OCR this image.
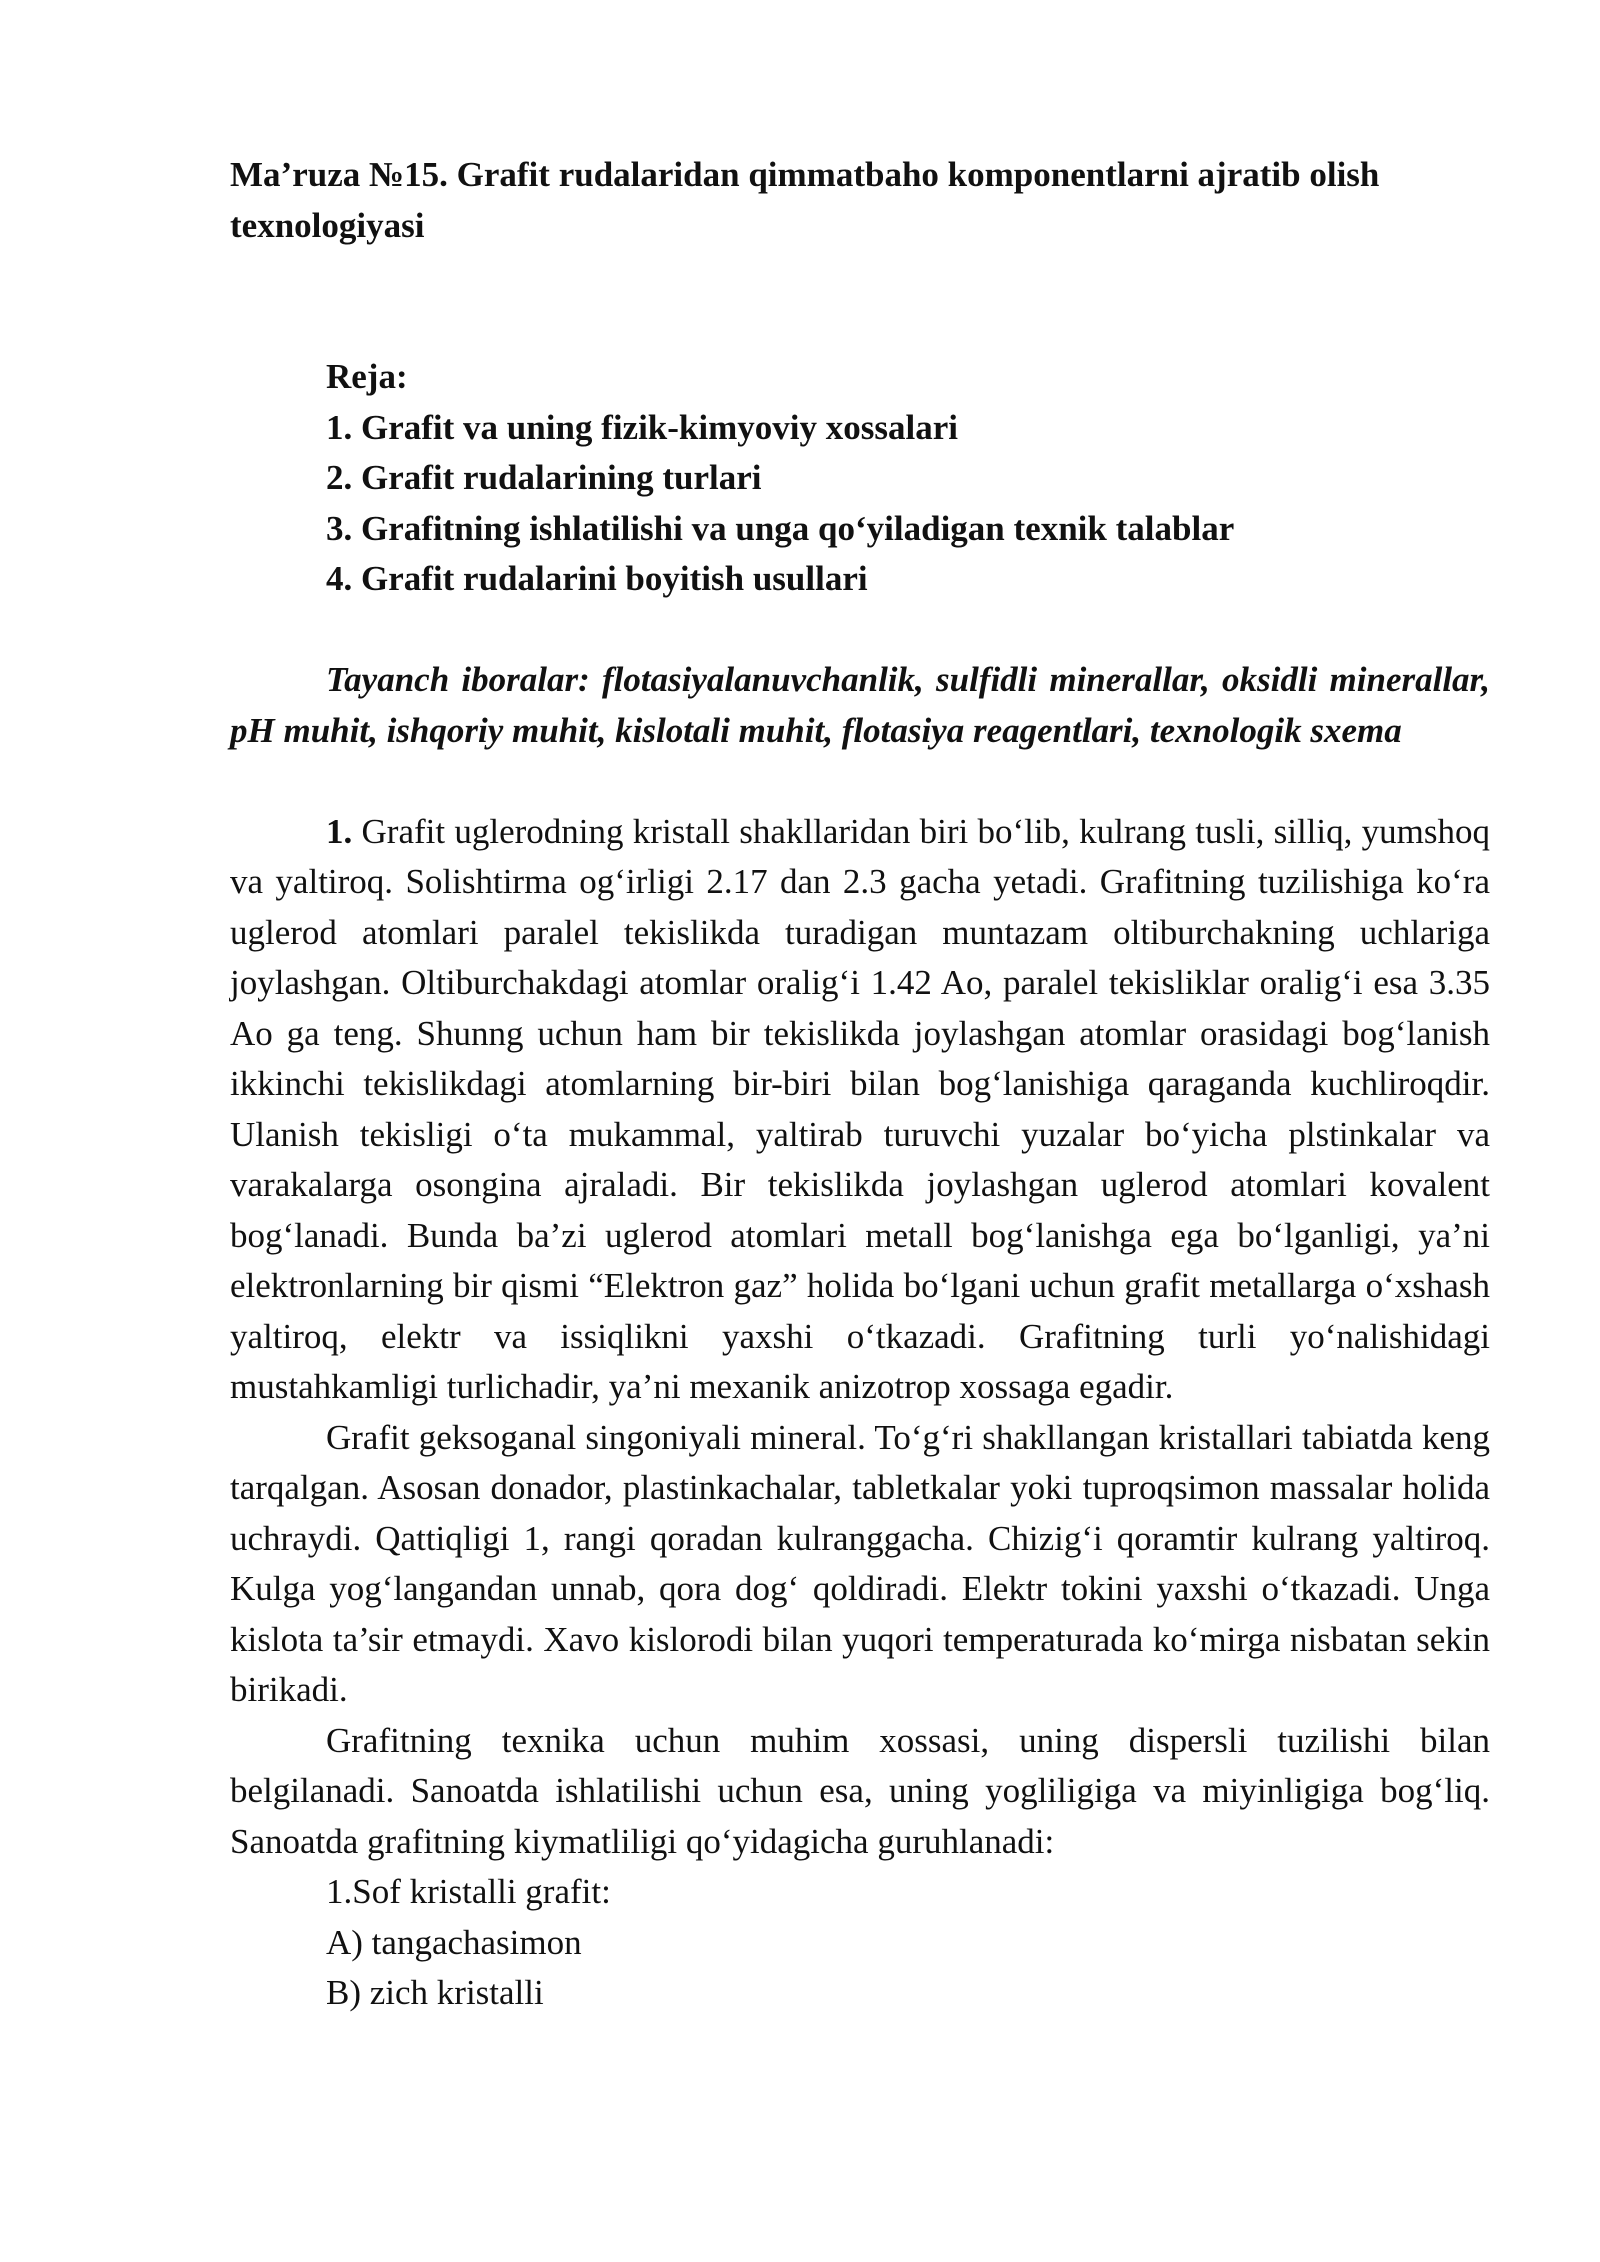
Ma’ruza №15. Grafit rudalaridan qimmatbaho komponentlarni ajratib olish texnologiyasi

Reja:
1. Grafit va uning fizik-kimyoviy xossalari
2. Grafit rudalarining turlari
3. Grafitning ishlatilishi va unga qo‘yiladigan texnik talablar
4. Grafit rudalarini boyitish usullari

Tayanch iboralar: flotasiyalanuvchanlik, sulfidli minerallar, oksidli minerallar, pH muhit, ishqoriy muhit, kislotali muhit, flotasiya reagentlari, texnologik sxema

1. Grafit uglerodning kristall shakllaridan biri bo‘lib, kulrang tusli, silliq, yumshoq va yaltiroq. Solishtirma og‘irligi 2.17 dan 2.3 gacha yetadi. Grafitning tuzilishiga ko‘ra uglerod atomlari paralel tekislikda turadigan muntazam oltiburchakning uchlariga joylashgan. Oltiburchakdagi atomlar oralig‘i 1.42 Ao, paralel tekisliklar oralig‘i esa 3.35 Ao ga teng. Shunng uchun ham bir tekislikda joylashgan atomlar orasidagi bog‘lanish ikkinchi tekislikdagi atomlarning bir-biri bilan bog‘lanishiga qaraganda kuchliroqdir. Ulanish tekisligi o‘ta mukammal, yaltirab turuvchi yuzalar bo‘yicha plstinkalar va varakalarga osongina ajraladi. Bir tekislikda joylashgan uglerod atomlari kovalent bog‘lanadi. Bunda ba’zi uglerod atomlari metall bog‘lanishga ega bo‘lganligi, ya’ni elektronlarning bir qismi “Elektron gaz” holida bo‘lgani uchun grafit metallarga o‘xshash yaltiroq, elektr va issiqlikni yaxshi o‘tkazadi. Grafitning turli yo‘nalishidagi mustahkamligi turlichadir, ya’ni mexanik anizotrop xossaga egadir.

Grafit geksoganal singoniyali mineral. To‘g‘ri shakllangan kristallari tabiatda keng tarqalgan. Asosan donador, plastinkachalar, tabletkalar yoki tuproqsimon massalar holida uchraydi. Qattiqligi 1, rangi qoradan kulranggacha. Chizig‘i qoramtir kulrang yaltiroq. Kulga yog‘langandan unnab, qora dog‘ qoldiradi. Elektr tokini yaxshi o‘tkazadi. Unga kislota ta’sir etmaydi. Xavo kislorodi bilan yuqori temperaturada ko‘mirga nisbatan sekin birikadi.

Grafitning texnika uchun muhim xossasi, uning dispersli tuzilishi bilan belgilanadi. Sanoatda ishlatilishi uchun esa, uning yogliligiga va miyinligiga bog‘liq. Sanoatda grafitning kiymatliligi qo‘yidagicha guruhlanadi:

1.Sof kristalli grafit:

A) tangachasimon

B) zich kristalli
